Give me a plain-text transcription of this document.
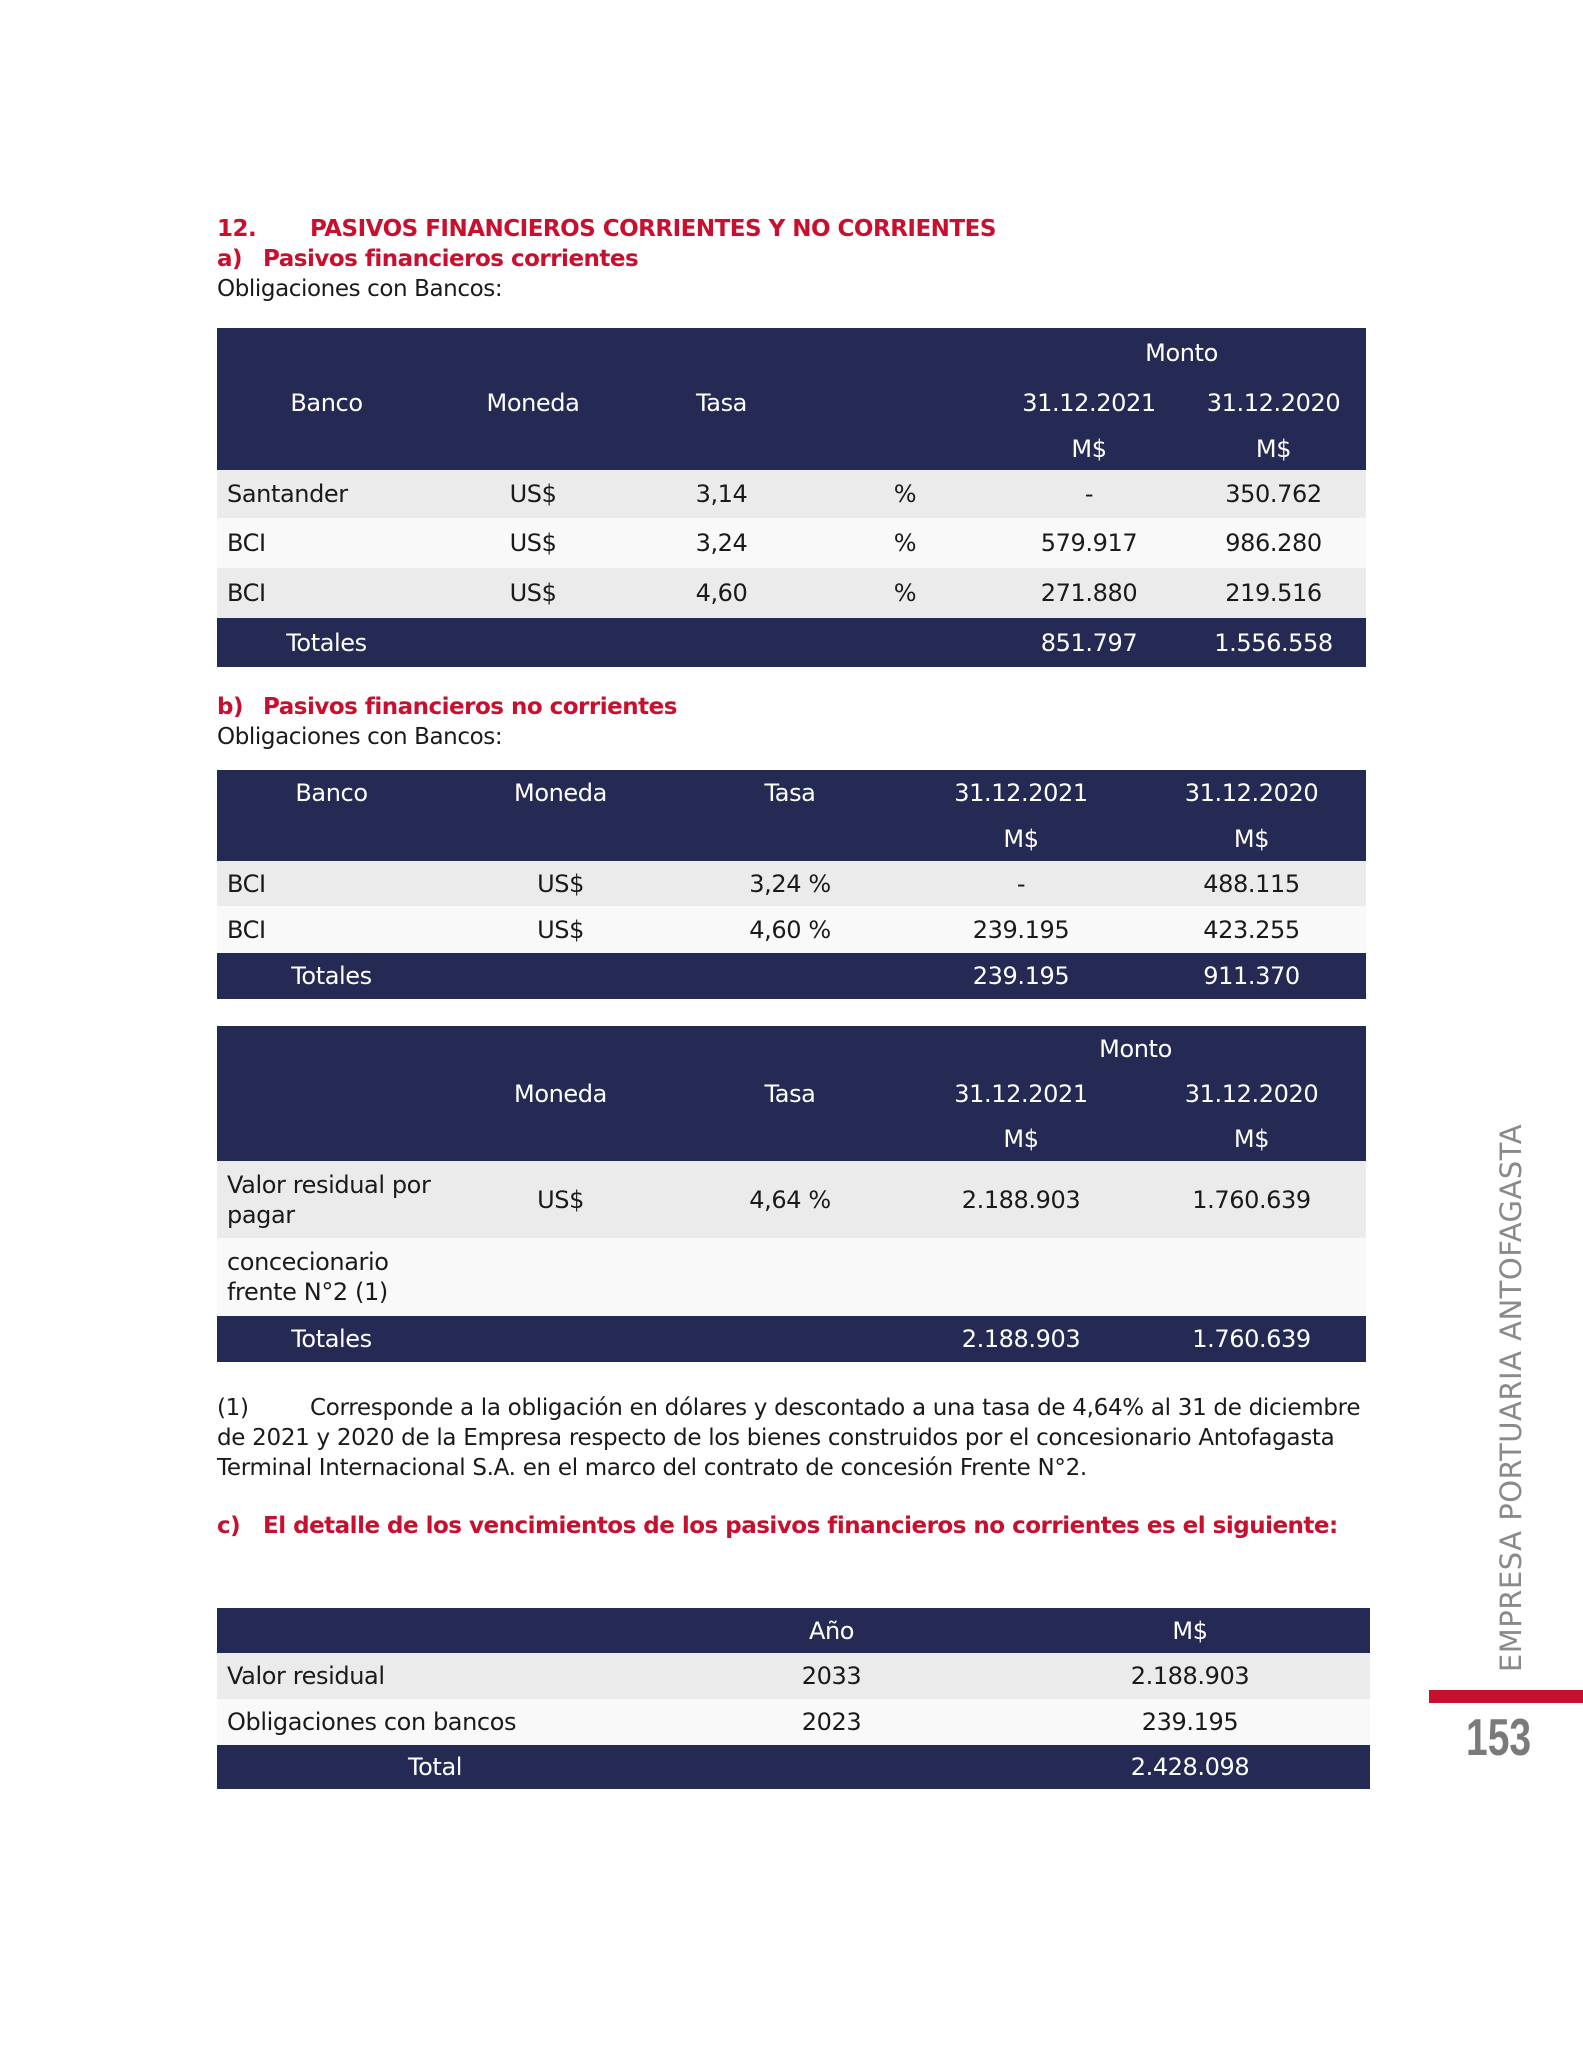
12. PASIVOS FINANCIEROS CORRIENTES Y NO CORRIENTES
a) Pasivos financieros corrientes
Obligaciones con Bancos:
				Monto	
Banco	Moneda	Tasa		31.12.2021	31.12.2020
				M$	M$
Santander	US$	3,14	%	-	350.762
BCI	US$	3,24	%	579.917	986.280
BCI	US$	4,60	%	271.880	219.516
Totales				851.797	1.556.558
b) Pasivos financieros no corrientes
Obligaciones con Bancos:
Banco	Moneda	Tasa	31.12.2021	31.12.2020
			M$	M$
BCI	US$	3,24 %	-	488.115
BCI	US$	4,60 %	239.195	423.255
Totales			239.195	911.370
			Monto	
	Moneda	Tasa	31.12.2021	31.12.2020
			M$	M$
Valor residual por pagar	US$	4,64 %	2.188.903	1.760.639
concecionario frente N°2 (1)				
Totales			2.188.903	1.760.639
(1)	Corresponde a la obligación en dólares y descontado a una tasa de 4,64% al 31 de diciembre de 2021 y 2020 de la Empresa respecto de los bienes construidos por el concesionario Antofagasta Terminal Internacional S.A. en el marco del contrato de concesión Frente N°2.
c) El detalle de los vencimientos de los pasivos financieros no corrientes es el siguiente:
	Año	M$
Valor residual	2033	2.188.903
Obligaciones con bancos	2023	239.195
Total		2.428.098
EMPRESA PORTUARIA ANTOFAGASTA
153
